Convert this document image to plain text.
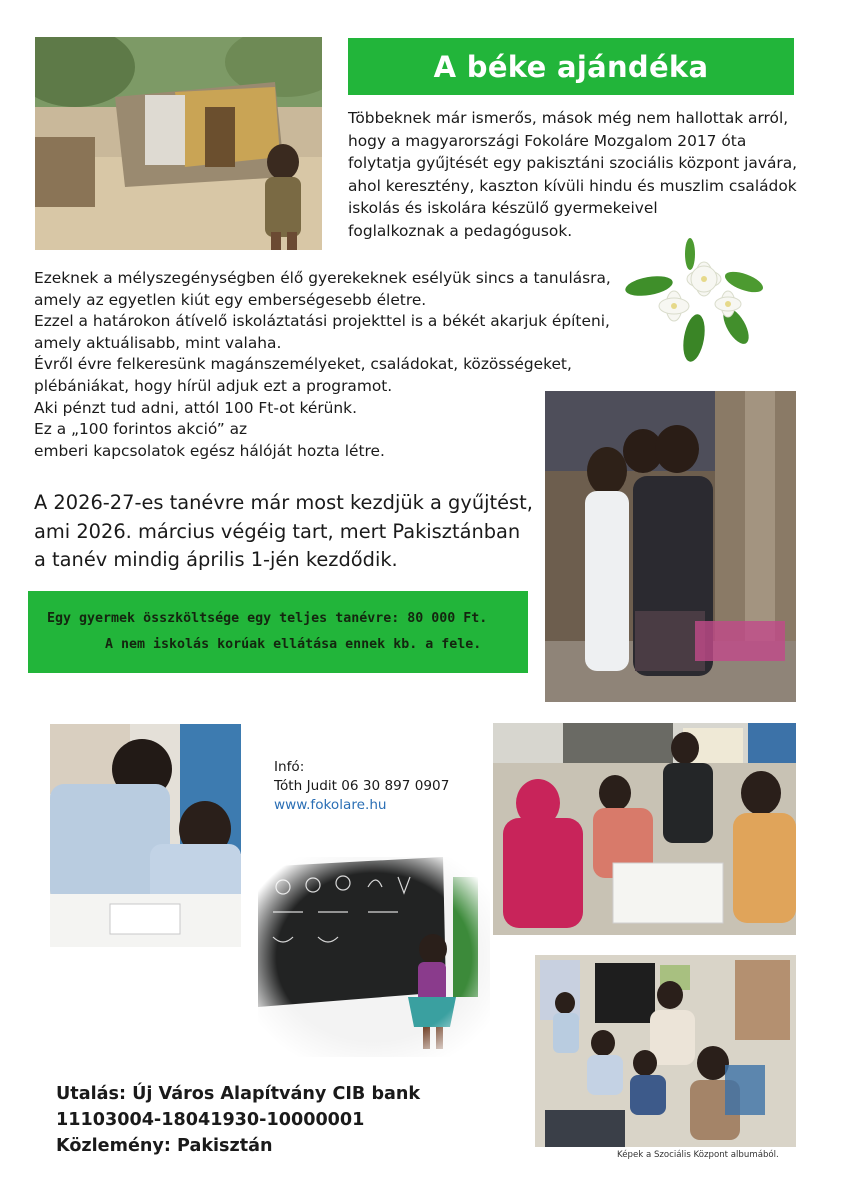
A béke ajándéka
Többeknek már ismerős, mások még nem hallottak arról,
hogy a magyarországi Fokoláre Mozgalom 2017 óta
folytatja gyűjtését egy pakisztáni szociális központ javára,
ahol keresztény, kaszton kívüli hindu és muszlim családok
iskolás és iskolára készülő gyermekeivel
foglalkoznak a pedagógusok.
Ezeknek a mélyszegénységben élő gyerekeknek esélyük sincs a tanulásra,
amely az egyetlen kiút egy emberségesebb életre.
Ezzel a határokon átívelő iskoláztatási projekttel is a békét akarjuk építeni,
amely aktuálisabb, mint valaha.
Évről évre felkeresünk magánszemélyeket, családokat, közösségeket,
plébániákat, hogy hírül adjuk ezt a programot.
Aki pénzt tud adni, attól 100 Ft-ot kérünk.
Ez a „100 forintos akció” az
emberi kapcsolatok egész hálóját hozta létre.
A 2026-27-es tanévre már most kezdjük a gyűjtést,
ami 2026. március végéig tart, mert Pakisztánban
a tanév mindig április 1-jén kezdődik.
Egy gyermek összköltsége egy teljes tanévre: 80 000 Ft.
A nem iskolás korúak ellátása ennek kb. a fele.
Infó:
Tóth Judit 06 30 897 0907
www.fokolare.hu
Utalás: Új Város Alapítvány CIB bank
11103004-18041930-10000001
Közlemény: Pakisztán	Képek a Szociális Központ albumából.
